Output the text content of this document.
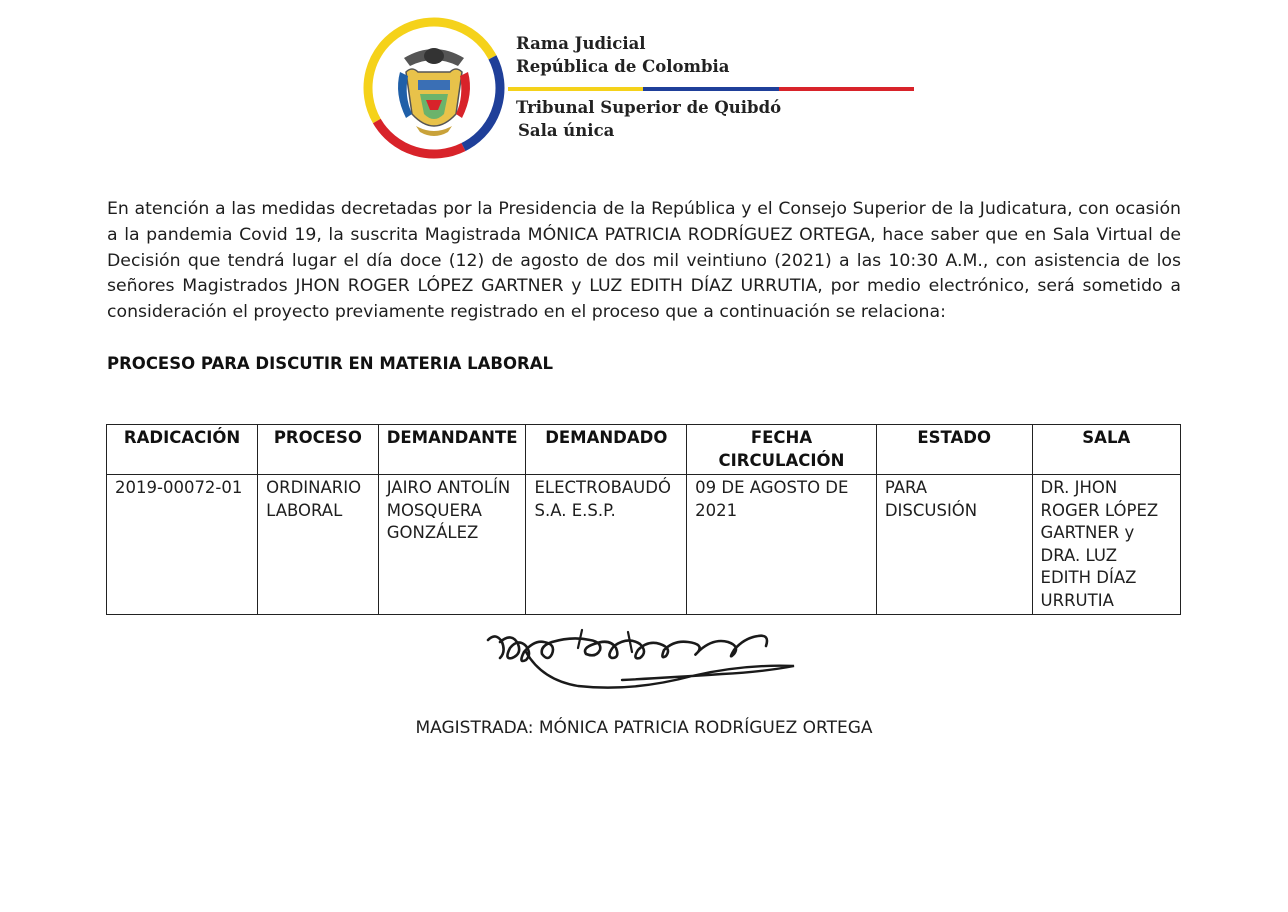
Rama Judicial
República de Colombia
Tribunal Superior de Quibdó
Sala única
En atención a las medidas decretadas por la Presidencia de la República y el Consejo Superior de la Judicatura, con ocasión a la pandemia Covid 19, la suscrita Magistrada MÓNICA PATRICIA RODRÍGUEZ ORTEGA, hace saber que en Sala Virtual de Decisión que tendrá lugar el día doce (12) de agosto de dos mil veintiuno (2021) a las 10:30 A.M., con asistencia de los señores Magistrados JHON ROGER LÓPEZ GARTNER y LUZ EDITH DÍAZ URRUTIA, por medio electrónico, será sometido a consideración el proyecto previamente registrado en el proceso que a continuación se relaciona:
PROCESO PARA DISCUTIR EN MATERIA LABORAL
RADICACIÓN	PROCESO	DEMANDANTE	DEMANDADO	FECHA CIRCULACIÓN	ESTADO	SALA
2019-00072-01	ORDINARIO LABORAL	JAIRO ANTOLÍN MOSQUERA GONZÁLEZ	ELECTROBAUDÓ S.A. E.S.P.	09 DE AGOSTO DE 2021	PARA DISCUSIÓN	DR. JHON ROGER LÓPEZ GARTNER y DRA. LUZ EDITH DÍAZ URRUTIA
MAGISTRADA: MÓNICA PATRICIA RODRÍGUEZ ORTEGA
